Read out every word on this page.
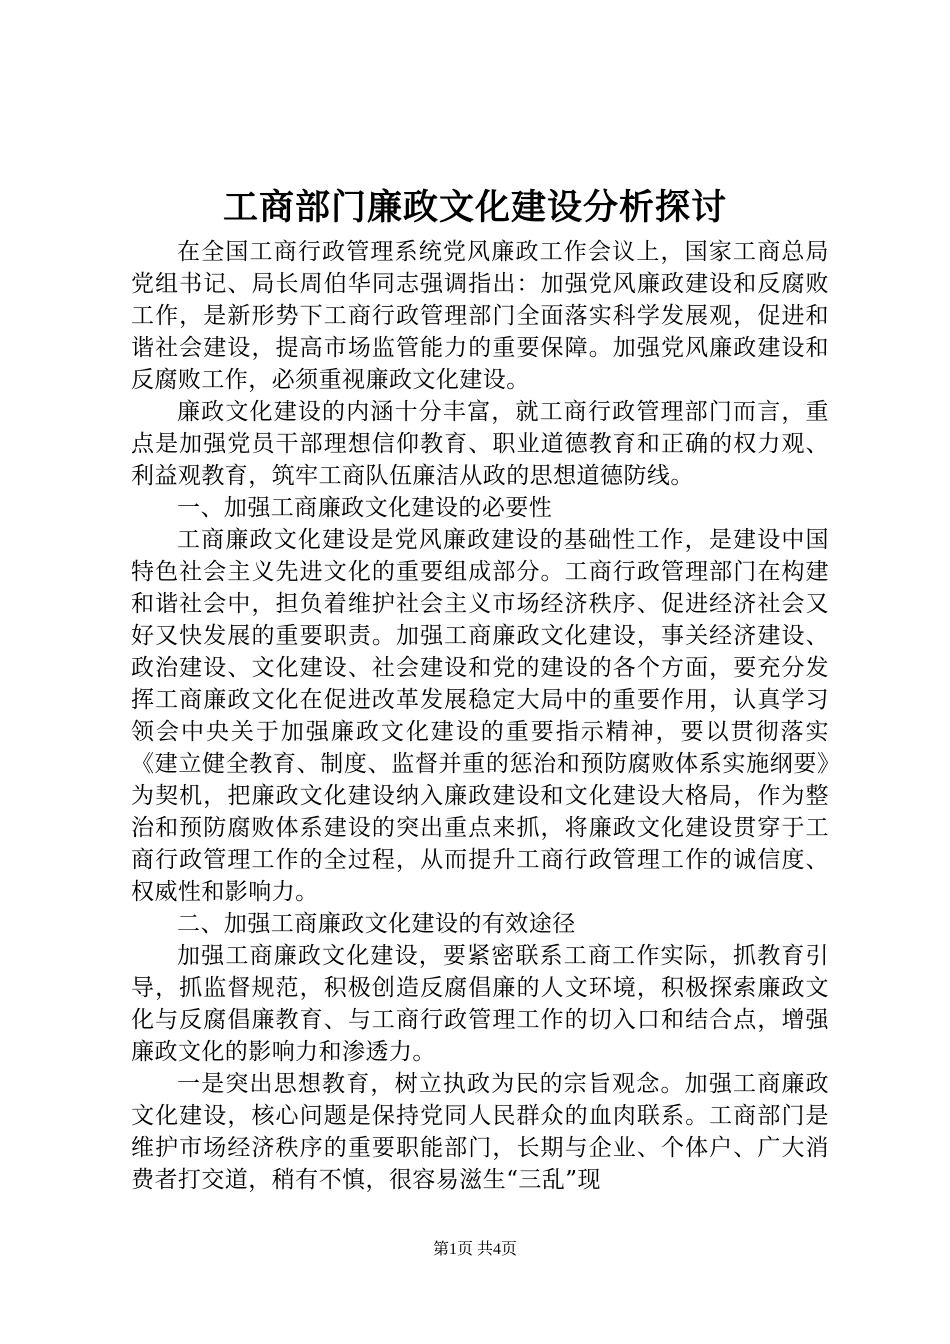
工商部门廉政文化建设分析探讨

在全国工商行政管理系统党风廉政工作会议上，国家工商总局党组书记、局长周伯华同志强调指出：加强党风廉政建设和反腐败工作，是新形势下工商行政管理部门全面落实科学发展观，促进和谐社会建设，提高市场监管能力的重要保障。加强党风廉政建设和反腐败工作，必须重视廉政文化建设。

廉政文化建设的内涵十分丰富，就工商行政管理部门而言，重点是加强党员干部理想信仰教育、职业道德教育和正确的权力观、利益观教育，筑牢工商队伍廉洁从政的思想道德防线。

一、加强工商廉政文化建设的必要性

工商廉政文化建设是党风廉政建设的基础性工作，是建设中国特色社会主义先进文化的重要组成部分。工商行政管理部门在构建和谐社会中，担负着维护社会主义市场经济秩序、促进经济社会又好又快发展的重要职责。加强工商廉政文化建设，事关经济建设、政治建设、文化建设、社会建设和党的建设的各个方面，要充分发挥工商廉政文化在促进改革发展稳定大局中的重要作用，认真学习领会中央关于加强廉政文化建设的重要指示精神，要以贯彻落实《建立健全教育、制度、监督并重的惩治和预防腐败体系实施纲要》为契机，把廉政文化建设纳入廉政建设和文化建设大格局，作为整治和预防腐败体系建设的突出重点来抓，将廉政文化建设贯穿于工商行政管理工作的全过程，从而提升工商行政管理工作的诚信度、权威性和影响力。

二、加强工商廉政文化建设的有效途径

加强工商廉政文化建设，要紧密联系工商工作实际，抓教育引导，抓监督规范，积极创造反腐倡廉的人文环境，积极探索廉政文化与反腐倡廉教育、与工商行政管理工作的切入口和结合点，增强廉政文化的影响力和渗透力。

一是突出思想教育，树立执政为民的宗旨观念。加强工商廉政文化建设，核心问题是保持党同人民群众的血肉联系。工商部门是维护市场经济秩序的重要职能部门，长期与企业、个体户、广大消费者打交道，稍有不慎，很容易滋生“三乱”现

第1页 共4页
